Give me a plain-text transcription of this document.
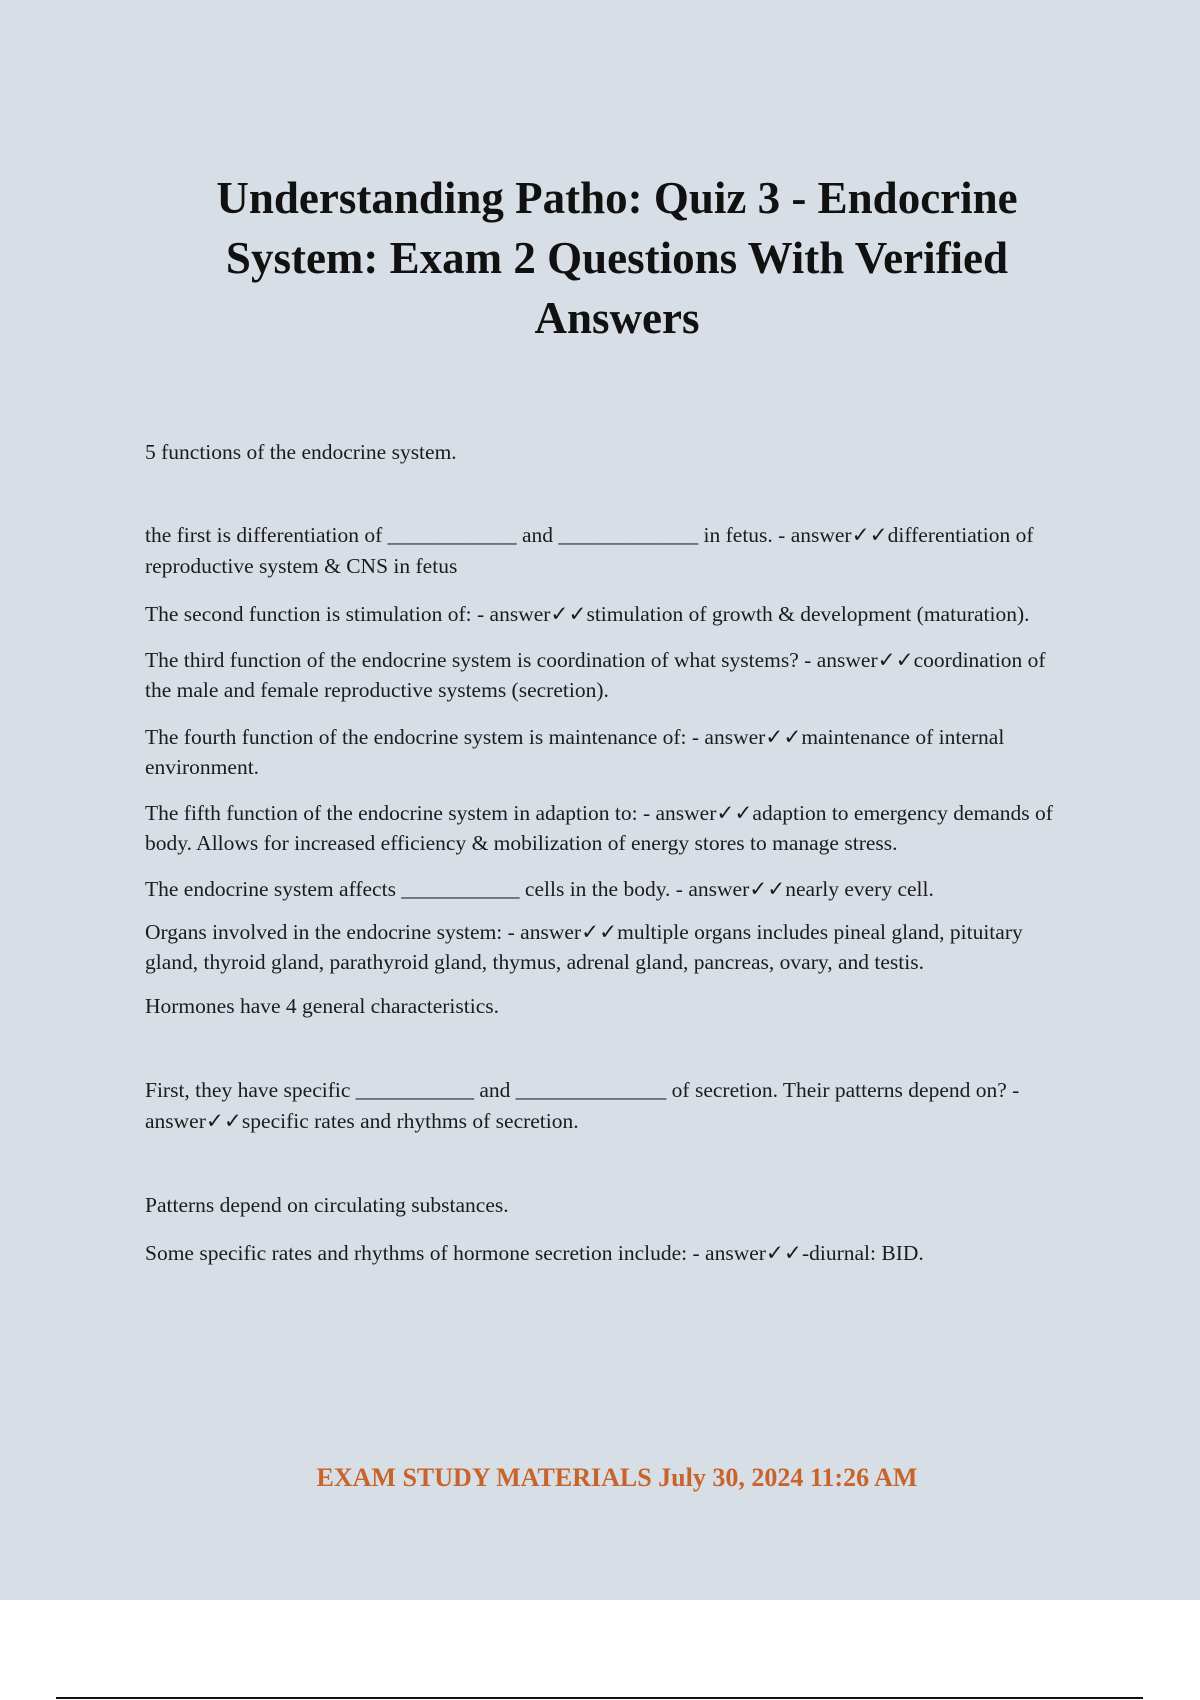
Understanding Patho: Quiz 3 - Endocrine System: Exam 2 Questions With Verified Answers

5 functions of the endocrine system.

the first is differentiation of ____________ and _____________ in fetus. - answer✓✓differentiation of reproductive system & CNS in fetus

The second function is stimulation of: - answer✓✓stimulation of growth & development (maturation).

The third function of the endocrine system is coordination of what systems? - answer✓✓coordination of the male and female reproductive systems (secretion).

The fourth function of the endocrine system is maintenance of: - answer✓✓maintenance of internal environment.

The fifth function of the endocrine system in adaption to: - answer✓✓adaption to emergency demands of body. Allows for increased efficiency & mobilization of energy stores to manage stress.

The endocrine system affects ___________ cells in the body. - answer✓✓nearly every cell.

Organs involved in the endocrine system: - answer✓✓multiple organs includes pineal gland, pituitary gland, thyroid gland, parathyroid gland, thymus, adrenal gland, pancreas, ovary, and testis.

Hormones have 4 general characteristics.

First, they have specific ___________ and ______________ of secretion. Their patterns depend on? - answer✓✓specific rates and rhythms of secretion.

Patterns depend on circulating substances.

Some specific rates and rhythms of hormone secretion include: - answer✓✓-diurnal: BID.

EXAM STUDY MATERIALS July 30, 2024 11:26 AM
